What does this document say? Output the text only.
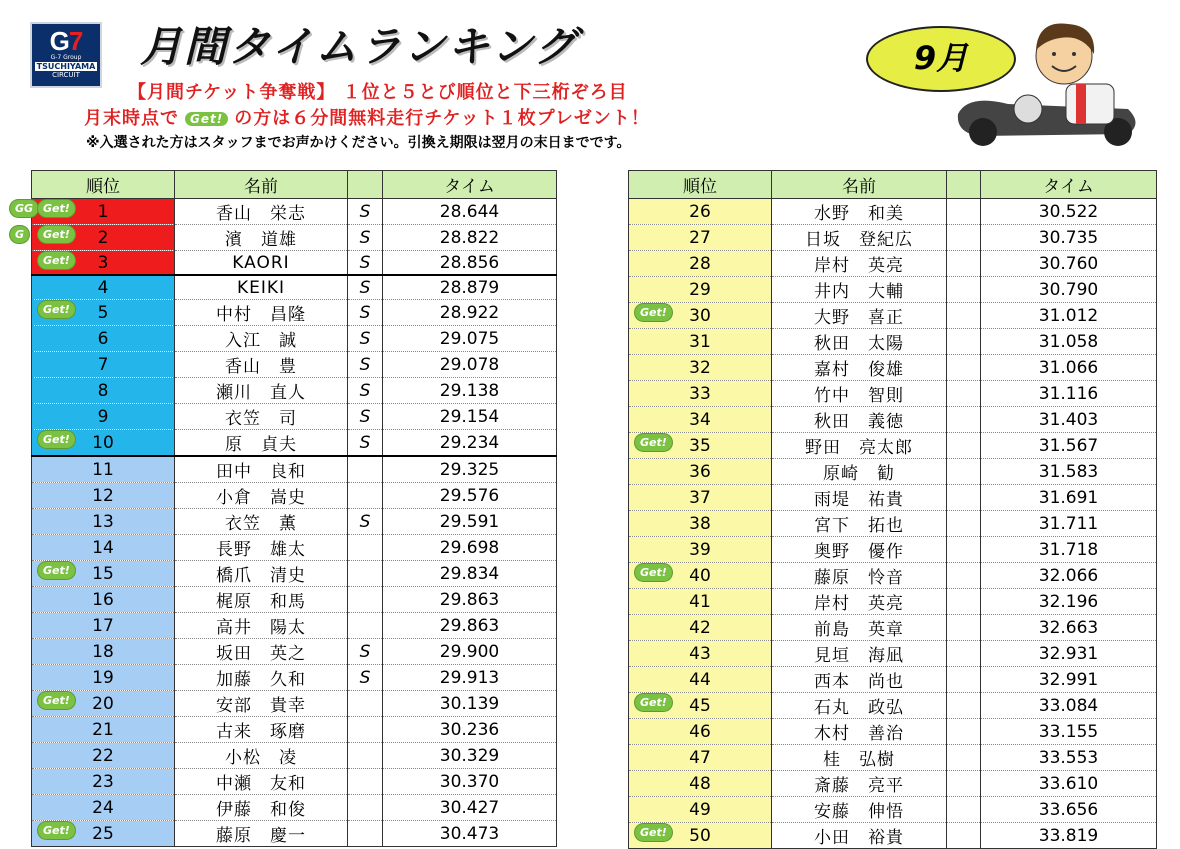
G7
G-7 Group
TSUCHIYAMA
CIRCUIT
月間タイムランキング	9月
【月間チケット争奪戦】 １位と５とび順位と下三桁ぞろ目
月末時点で Get! の方は６分間無料走行チケット１枚プレゼント！
※入選された方はスタッフまでお声かけください。引換え期限は翌月の末日までです。
順位	名前		タイム

GG Get! 1	香山　栄志	S	28.644

G Get! 2	濱　道雄	S	28.822

Get! 3	KAORI	S	28.856
4	KEIKI	S	28.879

Get! 5	中村　昌隆	S	28.922
6	入江　誠	S	29.075
7	香山　豊	S	29.078
8	瀬川　直人	S	29.138
9	衣笠　司	S	29.154

Get! 10	原　貞夫	S	29.234
11	田中　良和		29.325
12	小倉　嵩史		29.576
13	衣笠　薫	S	29.591
14	長野　雄太		29.698

Get! 15	橋爪　清史		29.834
16	梶原　和馬		29.863
17	高井　陽太		29.863
18	坂田　英之	S	29.900
19	加藤　久和	S	29.913

Get! 20	安部　貴幸		30.139
21	古来　琢磨		30.236
22	小松　凌		30.329
23	中瀬　友和		30.370
24	伊藤　和俊		30.427

Get! 25	藤原　慶一		30.473
順位	名前		タイム
26	水野　和美		30.522
27	日坂　登紀広		30.735
28	岸村　英亮		30.760
29	井内　大輔		30.790

Get! 30	大野　喜正		31.012
31	秋田　太陽		31.058
32	嘉村　俊雄		31.066
33	竹中　智則		31.116
34	秋田　義徳		31.403

Get! 35	野田　亮太郎		31.567
36	原崎　勧		31.583
37	雨堤　祐貴		31.691
38	宮下　拓也		31.711
39	奥野　優作		31.718

Get! 40	藤原　怜音		32.066
41	岸村　英亮		32.196
42	前島　英章		32.663
43	見垣　海凪		32.931
44	西本　尚也		32.991

Get! 45	石丸　政弘		33.084
46	木村　善治		33.155
47	桂　弘樹		33.553
48	斎藤　亮平		33.610
49	安藤　伸悟		33.656

Get! 50	小田　裕貴		33.819
